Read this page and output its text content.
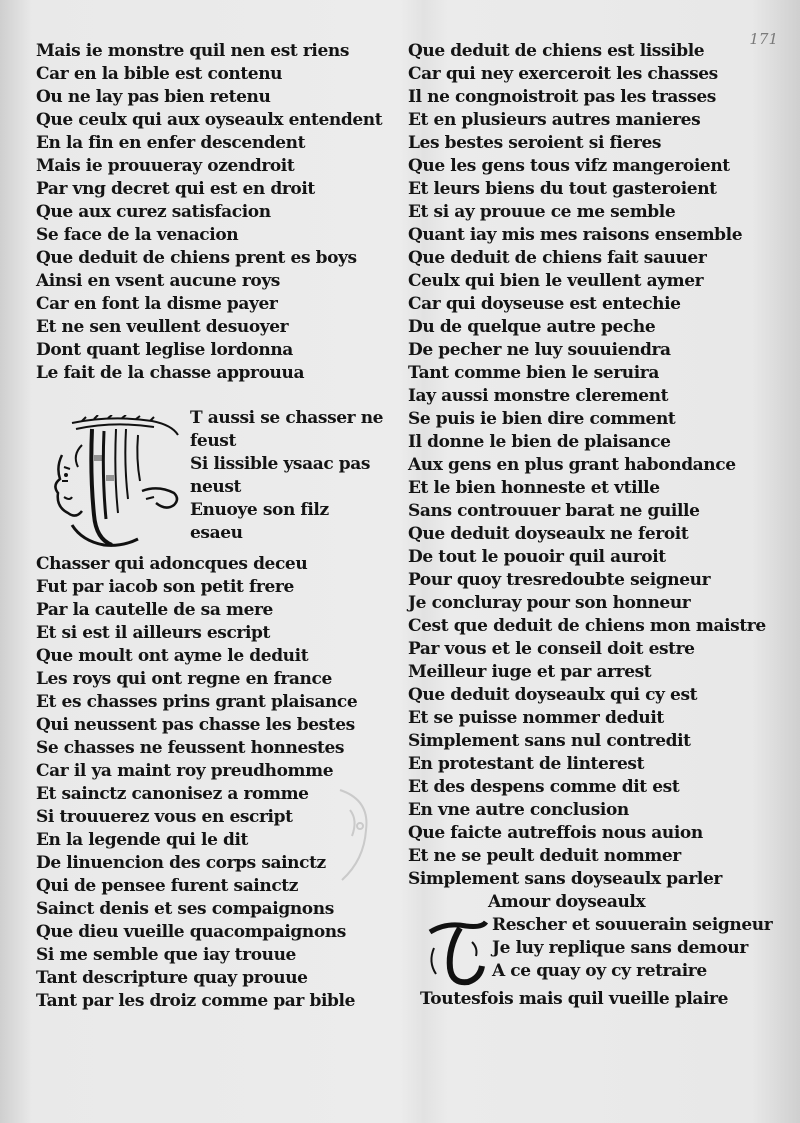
171
Mais ie monstre quil nen est riens
Car en la bible est contenu
Ou ne lay pas bien retenu
Que ceulx qui aux oyseaulx entendent
En la fin en enfer descendent
Mais ie prouueray ozendroit
Par vng decret qui est en droit
Que aux curez satisfacion
Se face de la venacion
Que deduit de chiens prent es boys
Ainsi en vsent aucune roys
Car en font la disme payer
Et ne sen veullent desuoyer
Dont quant leglise lordonna
Le fait de la chasse approuua
T aussi se chasser ne
feust
Si lissible ysaac pas
neust
Enuoye son filz
esaeu
Chasser qui adoncques deceu
Fut par iacob son petit frere
Par la cautelle de sa mere
Et si est il ailleurs escript
Que moult ont ayme le deduit
Les roys qui ont regne en france
Et es chasses prins grant plaisance
Qui neussent pas chasse les bestes
Se chasses ne feussent honnestes
Car il ya maint roy preudhomme
Et sainctz canonisez a romme
Si trouuerez vous en escript
En la legende qui le dit
De linuencion des corps sainctz
Qui de pensee furent sainctz
Sainct denis et ses compaignons
Que dieu vueille quacompaignons
Si me semble que iay trouue
Tant descripture quay prouue
Tant par les droiz comme par bible
Que deduit de chiens est lissible
Car qui ney exerceroit les chasses
Il ne congnoistroit pas les trasses
Et en plusieurs autres manieres
Les bestes seroient si fieres
Que les gens tous vifz mangeroient
Et leurs biens du tout gasteroient
Et si ay prouue ce me semble
Quant iay mis mes raisons ensemble
Que deduit de chiens fait sauuer
Ceulx qui bien le veullent aymer
Car qui doyseuse est entechie
Du de quelque autre peche
De pecher ne luy souuiendra
Tant comme bien le seruira
Iay aussi monstre clerement
Se puis ie bien dire comment
Il donne le bien de plaisance
Aux gens en plus grant habondance
Et le bien honneste et vtille
Sans controuuer barat ne guille
Que deduit doyseaulx ne feroit
De tout le pouoir quil auroit
Pour quoy tresredoubte seigneur
Je concluray pour son honneur
Cest que deduit de chiens mon maistre
Par vous et le conseil doit estre
Meilleur iuge et par arrest
Que deduit doyseaulx qui cy est
Et se puisse nommer deduit
Simplement sans nul contredit
En protestant de linterest
Et des despens comme dit est
En vne autre conclusion
Que faicte autreffois nous auion
Et ne se peult deduit nommer
Simplement sans doyseaulx parler
Amour doyseaulx
Rescher et souuerain seigneur
Je luy replique sans demour
A ce quay oy cy retraire
Toutesfois mais quil vueille plaire
